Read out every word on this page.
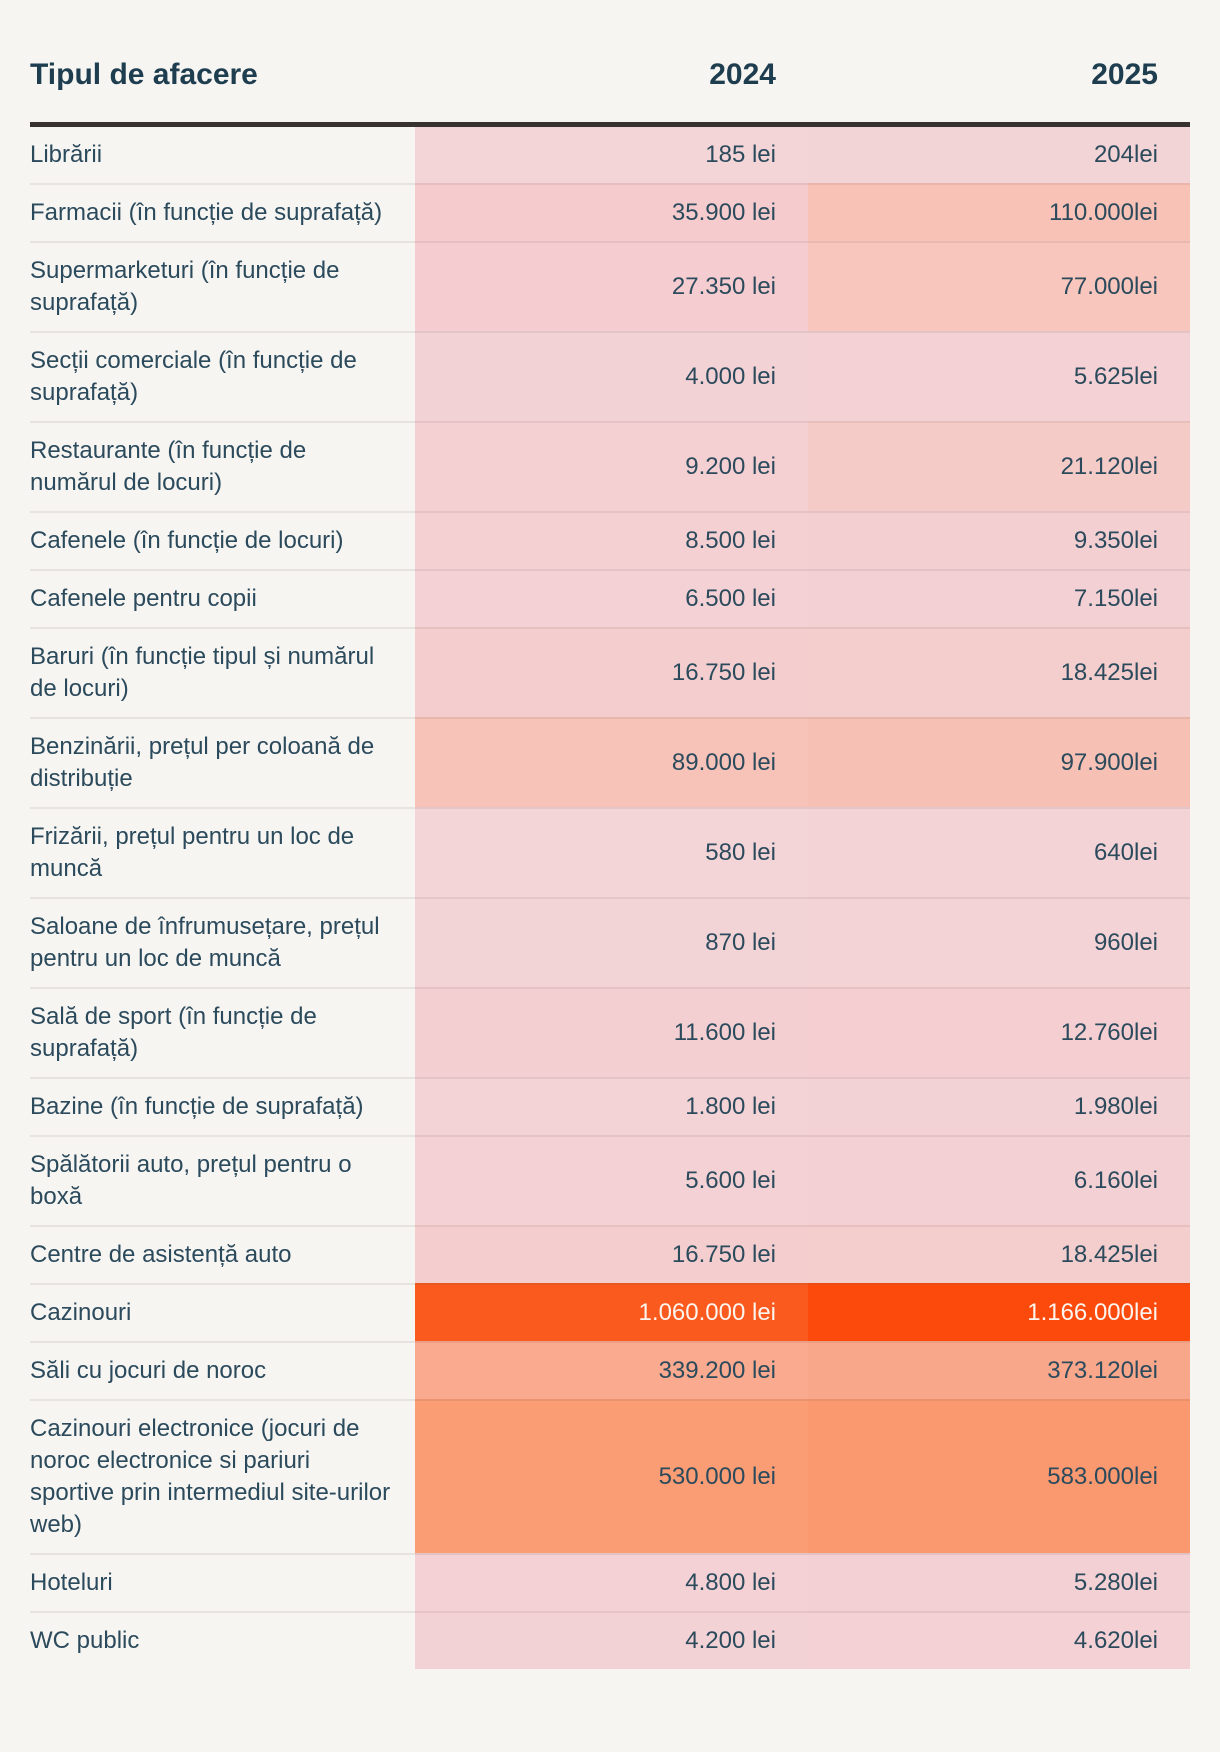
Tipul de afacere	2024	2025
Librării	185 lei	204lei
Farmacii (în funcție de suprafață)	35.900 lei	110.000lei
Supermarketuri (în funcție de suprafață)	27.350 lei	77.000lei
Secții comerciale (în funcție de suprafață)	4.000 lei	5.625lei
Restaurante (în funcție de numărul de locuri)	9.200 lei	21.120lei
Cafenele (în funcție de locuri)	8.500 lei	9.350lei
Cafenele pentru copii	6.500 lei	7.150lei
Baruri (în funcție tipul și numărul de locuri)	16.750 lei	18.425lei
Benzinării, prețul per coloană de distribuție	89.000 lei	97.900lei
Frizării, prețul pentru un loc de muncă	580 lei	640lei
Saloane de înfrumusețare, prețul pentru un loc de muncă	870 lei	960lei
Sală de sport (în funcție de suprafață)	11.600 lei	12.760lei
Bazine (în funcție de suprafață)	1.800 lei	1.980lei
Spălătorii auto, prețul pentru o boxă	5.600 lei	6.160lei
Centre de asistență auto	16.750 lei	18.425lei
Cazinouri	1.060.000 lei	1.166.000lei
Săli cu jocuri de noroc	339.200 lei	373.120lei
Cazinouri electronice (jocuri de noroc electronice si pariuri sportive prin intermediul site-urilor web)	530.000 lei	583.000lei
Hoteluri	4.800 lei	5.280lei
WC public	4.200 lei	4.620lei
